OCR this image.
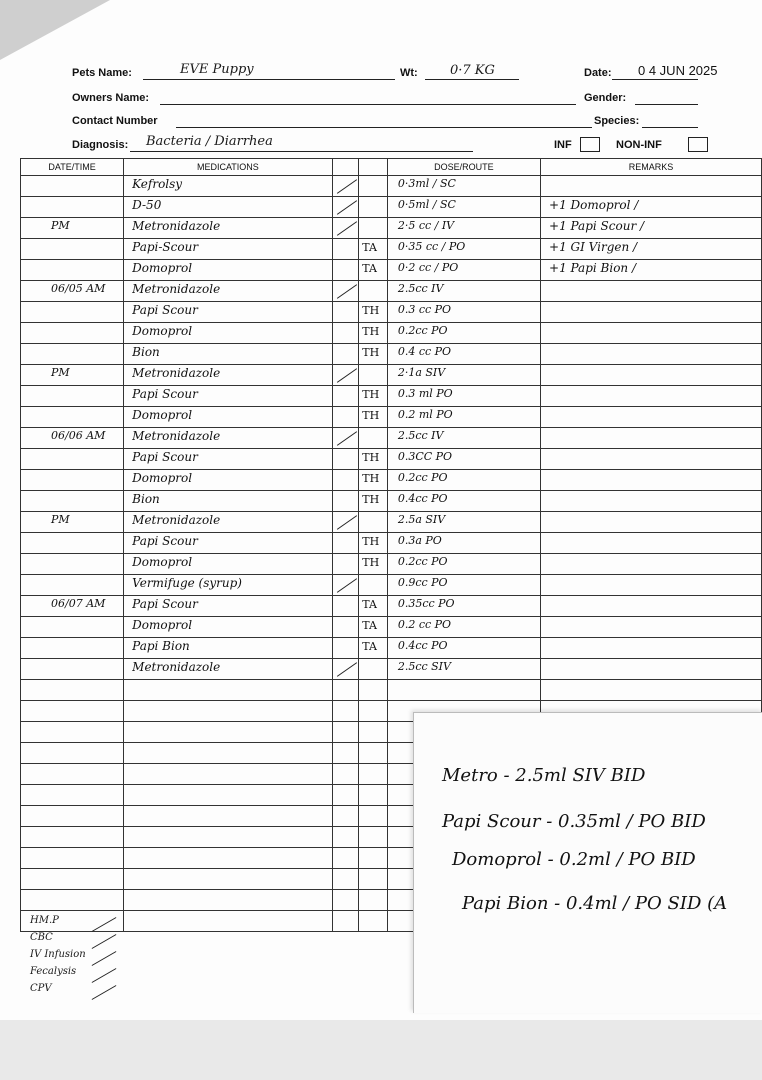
Pets Name:	EVE Puppy	Wt: 0·7 KG	Date: 0 4 JUN 2025
Owners Name:	Gender:
Contact Number	Species:
Diagnosis: Bacteria / Diarrhea	INF	NON-INF
DATE/TIME	MEDICATIONS			DOSE/ROUTE	REMARKS

	Kefrolsy			0·3ml / SC	

	D-50			0·5ml / SC	+1 Domoprol /

PM	Metronidazole			2·5 cc / IV	+1 Papi Scour /

	Papi-Scour		TA	0·35 cc / PO	+1 GI Virgen /

	Domoprol		TA	0·2 cc / PO	+1 Papi Bion /

06/05 AM	Metronidazole			2.5cc IV	

	Papi Scour		TH	0.3 cc PO	

	Domoprol		TH	0.2cc PO	

	Bion		TH	0.4 cc PO	

PM	Metronidazole			2·1a SIV	

	Papi Scour		TH	0.3 ml PO	

	Domoprol		TH	0.2 ml PO	

06/06 AM	Metronidazole			2.5cc IV	

	Papi Scour		TH	0.3CC PO	

	Domoprol		TH	0.2cc PO	

	Bion		TH	0.4cc PO	

PM	Metronidazole			2.5a SIV	

	Papi Scour		TH	0.3a PO	

	Domoprol		TH	0.2cc PO	

	Vermifuge (syrup)			0.9cc PO	

06/07 AM	Papi Scour		TA	0.35cc PO	

	Domoprol		TA	0.2 cc PO	

	Papi Bion		TA	0.4cc PO	

	Metronidazole			2.5cc SIV	

HM.P
CBC
IV Infusion
Fecalysis
CPV
Metro - 2.5ml SIV BID
Papi Scour - 0.35ml / PO BID
Domoprol - 0.2ml / PO BID
Papi Bion - 0.4ml / PO SID (A
